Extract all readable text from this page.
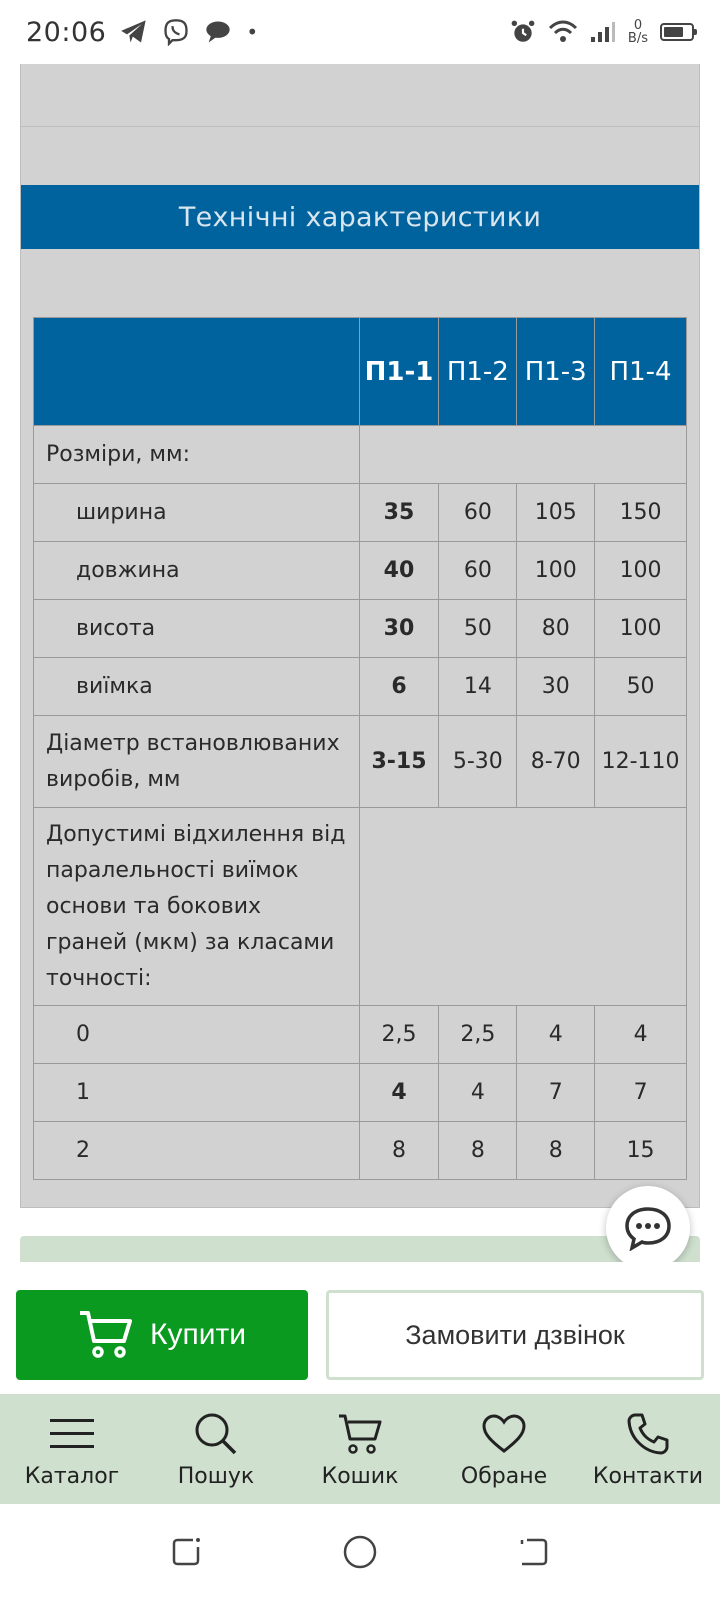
20:06	•	0
B/s
Технічні характеристики
	П1-1	П1-2	П1-3	П1-4
Розміри, мм:				
ширина	35	60	105	150
довжина	40	60	100	100
висота	30	50	80	100
виїмка	6	14	30	50
Діаметр встановлюваних виробів, мм	3-15	5-30	8-70	12-110
Допустимі відхилення від паралельності виїмок основи та бокових граней (мкм) за класами точності:				
0	2,5	2,5	4	4
1	4	4	7	7
2	8	8	8	15
Купити	Замовити дзвінок
Каталог	Пошук	Кошик	Обране Контакти
